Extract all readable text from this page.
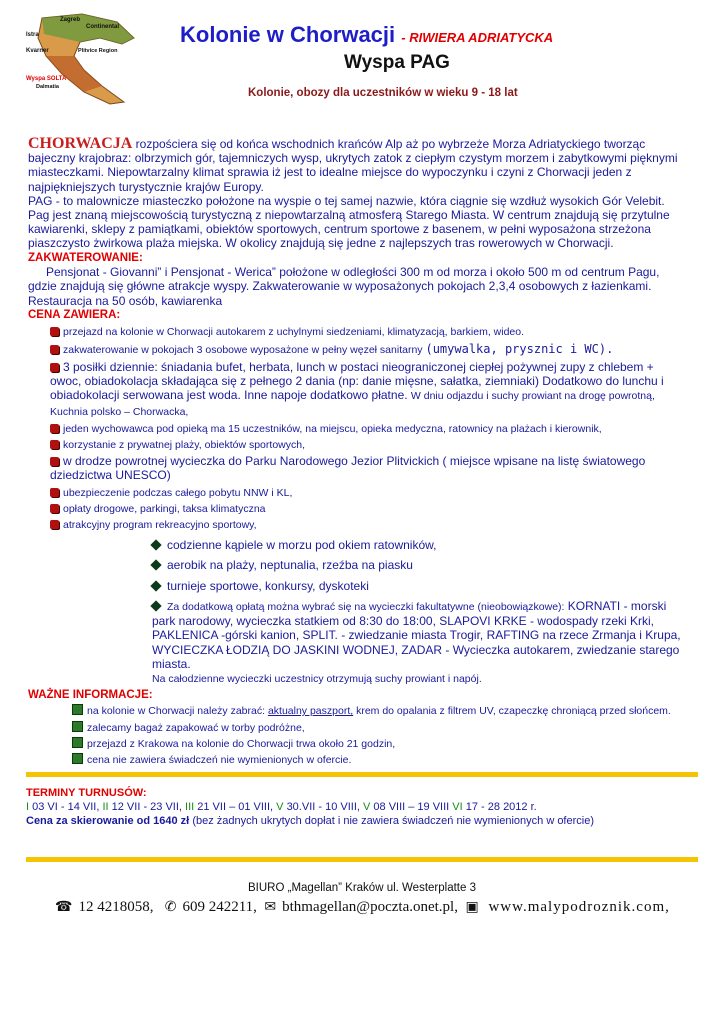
Zagreb
Continental
Istra
Kvarner	Plitvice Region
Wyspa SOLTA
Dalmatia
Kolonie w Chorwacji - RIWIERA ADRIATYCKA
Wyspa PAG
Kolonie, obozy dla uczestników w wieku 9 - 18 lat

CHORWACJA rozpościera się od końca wschodnich krańców Alp aż po wybrzeże Morza Adriatyckiego tworząc bajeczny krajobraz: olbrzymich gór, tajemniczych wysp, ukrytych zatok z ciepłym czystym morzem i zabytkowymi pięknymi miasteczkami. Niepowtarzalny klimat sprawia iż jest to idealne miejsce do wypoczynku i czyni z Chorwacji jeden z najpiękniejszych turystycznie krajów Europy.

PAG - to malownicze miasteczko położone na wyspie o tej samej nazwie, która ciągnie się wzdłuż wysokich Gór Velebit. Pag jest znaną miejscowością turystyczną z niepowtarzalną atmosferą Starego Miasta. W centrum znajdują się przytulne kawiarenki, sklepy z pamiątkami, obiektów sportowych, centrum sportowe z basenem, w pełni wyposażona strzeżona piaszczysto żwirkowa plaża miejska. W okolicy znajdują się jedne z najlepszych tras rowerowych w Chorwacji.

ZAKWATEROWANIE:

Pensjonat - Giovanni” i Pensjonat - Werica” położone w odległości 300 m od morza i około 500 m od centrum Pagu, gdzie znajdują się główne atrakcje wyspy. Zakwaterowanie w wyposażonych pokojach 2,3,4 osobowych z łazienkami.

Restauracja na 50 osób, kawiarenka

CENA ZAWIERA:

przejazd na kolonie w Chorwacji autokarem z uchylnymi siedzeniami, klimatyzacją, barkiem, wideo.

zakwaterowanie w pokojach 3 osobowe wyposażone w pełny węzeł sanitarny (umywalka, prysznic i WC).

3 posiłki dziennie: śniadania bufet, herbata, lunch w postaci nieograniczonej ciepłej pożywnej zupy z chlebem + owoc, obiadokolacja składająca się z pełnego 2 dania (np: danie mięsne, sałatka, ziemniaki) Dodatkowo do lunchu i obiadokolacji serwowana jest woda. Inne napoje dodatkowo płatne. W dniu odjazdu i suchy prowiant na drogę powrotną, Kuchnia polsko – Chorwacka,

jeden wychowawca pod opieką ma 15 uczestników, na miejscu, opieka medyczna, ratownicy na plażach i kierownik,

korzystanie z prywatnej plaży, obiektów sportowych,

w drodze powrotnej wycieczka do Parku Narodowego Jezior Plitvickich ( miejsce wpisane na listę światowego dziedzictwa UNESCO)

ubezpieczenie podczas całego pobytu NNW i KL,

opłaty drogowe, parkingi, taksa klimatyczna

atrakcyjny program rekreacyjno sportowy,

codzienne kąpiele w morzu pod okiem ratowników,

aerobik na plaży, neptunalia, rzeźba na piasku

turnieje sportowe, konkursy, dyskoteki

Za dodatkową opłatą można wybrać się na wycieczki fakultatywne (nieobowiązkowe): KORNATI - morski park narodowy, wycieczka statkiem od 8:30 do 18:00, SLAPOVI KRKE - wodospady rzeki Krki, PAKLENICA -górski kanion, SPLIT. - zwiedzanie miasta Trogir, RAFTING na rzece Zrmanja i Krupa, WYCIECZKA ŁODZIĄ DO JASKINI WODNEJ, ZADAR - Wycieczka autokarem, zwiedzanie starego miasta.

Na całodzienne wycieczki uczestnicy otrzymują suchy prowiant i napój.

WAŻNE INFORMACJE:

na kolonie w Chorwacji należy zabrać: aktualny paszport, krem do opalania z filtrem UV, czapeczkę chroniącą przed słońcem.

zalecamy bagaż zapakować w torby podróżne,

przejazd z Krakowa na kolonie do Chorwacji trwa około 21 godzin,

cena nie zawiera świadczeń nie wymienionych w ofercie.

TERMINY TURNUSÓW:
I 03 VI - 14 VII, II 12 VII - 23 VII, III 21 VII – 01 VIII, V 30.VII - 10 VIII, V 08 VIII – 19 VIII VI 17 - 28 2012 r.
Cena za skierowanie od 1640 zł (bez żadnych ukrytych dopłat i nie zawiera świadczeń nie wymienionych w ofercie)
BIURO „Magellan” Kraków ul. Westerplatte 3
☎ 12 4218058, ✆ 609 242211, ✉ bthmagellan@poczta.onet.pl, ▣ www.malypodroznik.com,
